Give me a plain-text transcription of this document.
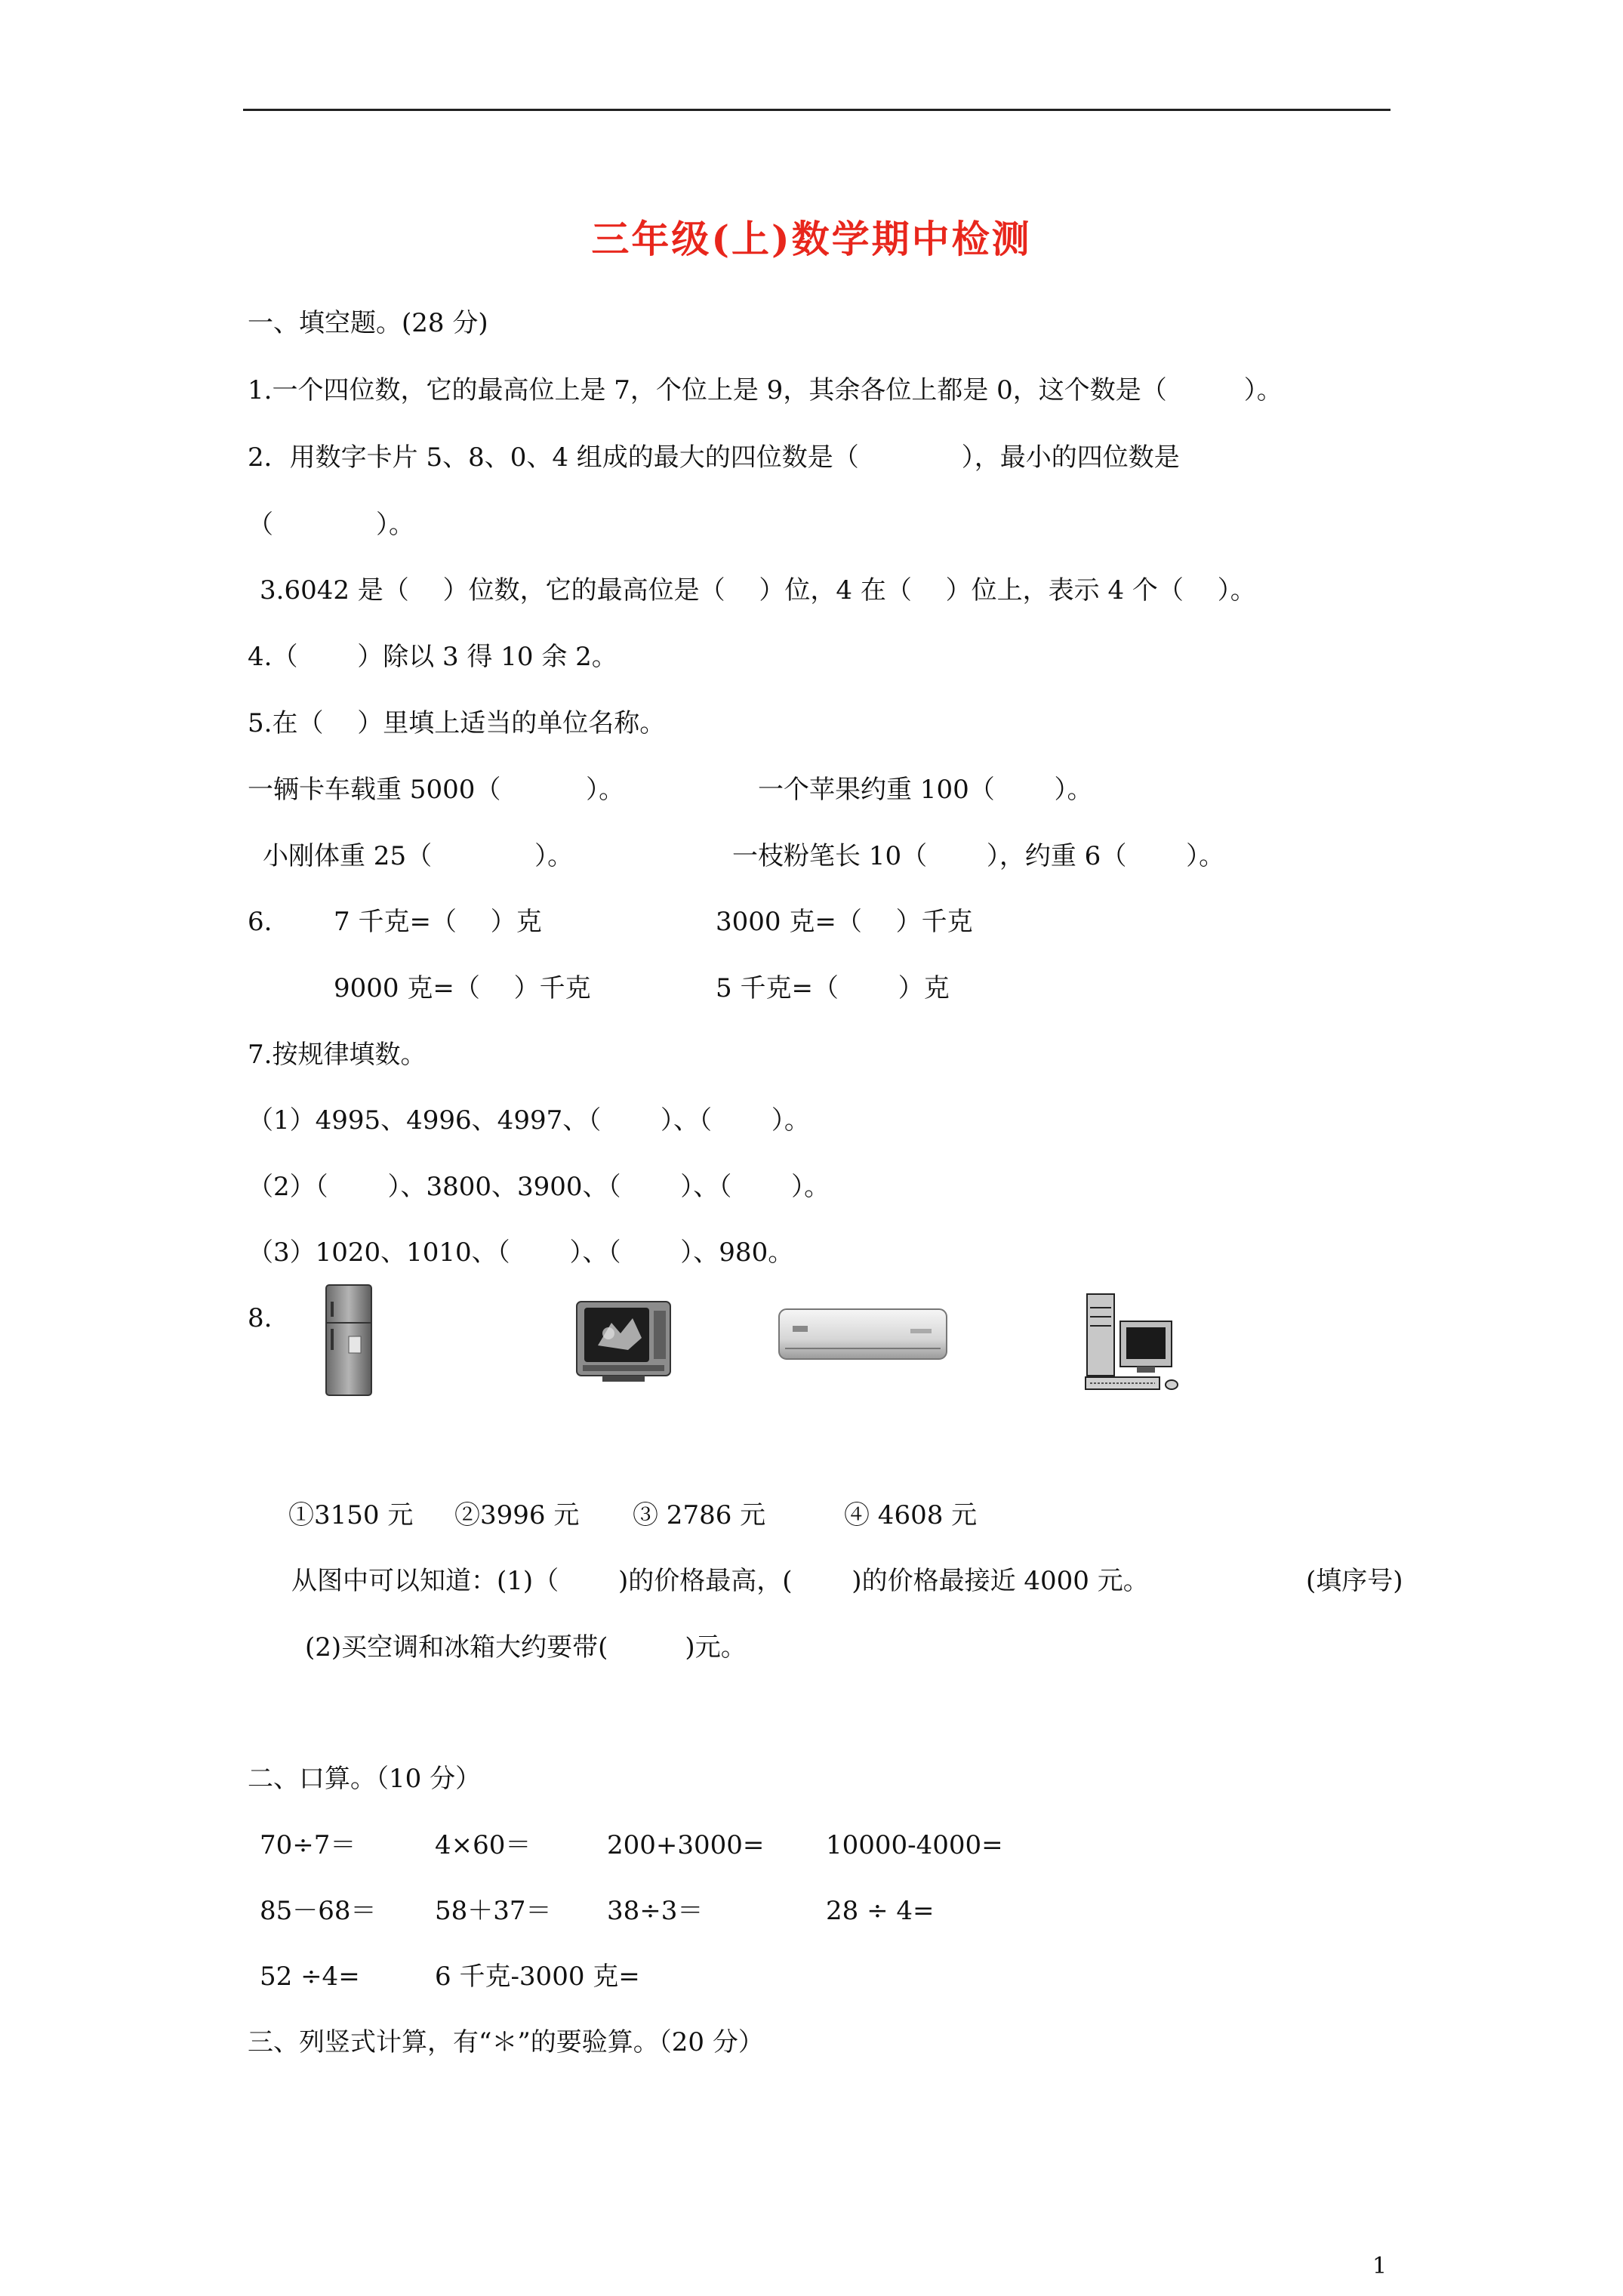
三年级(上)数学期中检测
一、填空题。(28 分)
1.一个四位数，它的最高位上是 7，个位上是 9，其余各位上都是 0，这个数是（　　　）。
2．用数字卡片 5、8、0、4 组成的最大的四位数是（　　　　），最小的四位数是
（　　　　）。
3.6042 是（　 ）位数，它的最高位是（　 ）位，4 在（　 ）位上，表示 4 个（　 ）。
4.（　　 ）除以 3 得 10 余 2。
5.在（　 ）里填上适当的单位名称。
一辆卡车载重 5000（　　　 ）。	一个苹果约重 100（　　 ）。
小刚体重 25（　　　　）。	一枝粉笔长 10（　　 ），约重 6（　　 ）。
6. 7 千克=（　 ）克	3000 克=（　 ）千克
9000 克=（　 ）千克	5 千克=（　　 ）克
7.按规律填数。
（1）4995、4996、4997、（　　 ）、（　　 ）。
（2）（　　 ）、3800、3900、（　　 ）、（　　 ）。
（3）1020、1010、（　　 ）、（　　 ）、980。
8.
①3150 元 ②3996 元 ③ 2786 元	④ 4608 元
从图中可以知道：(1)（　　 )的价格最高，(　　 )的价格最接近 4000 元。	(填序号)
(2)买空调和冰箱大约要带(　　　)元。
二、口算。（10 分）
70÷7＝	4×60＝	200+3000= 10000-4000=
85－68＝ 58＋37＝ 38÷3＝	28 ÷ 4=
52 ÷4=	6 千克-3000 克=
三、列竖式计算，有“＊”的要验算。（20 分）
1
